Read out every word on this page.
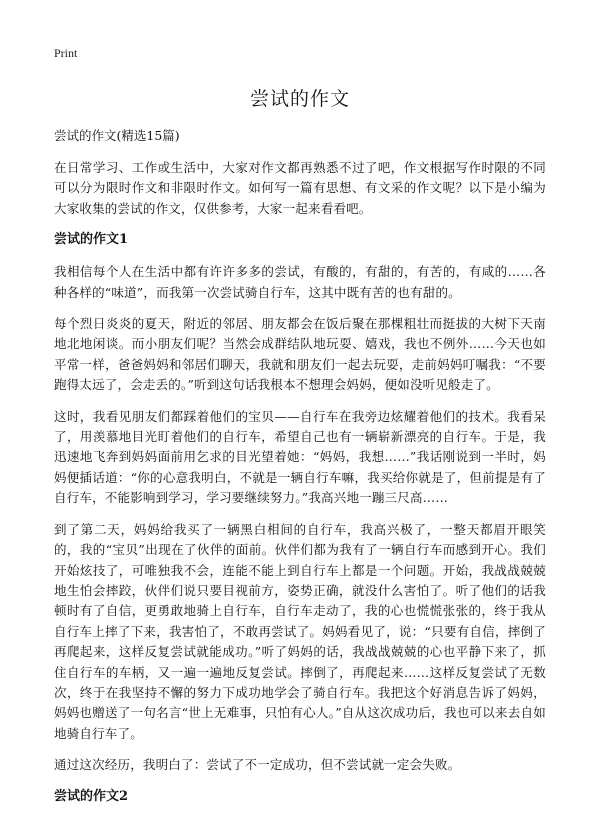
Print
尝试的作文
尝试的作文(精选15篇)

在日常学习、工作或生活中，大家对作文都再熟悉不过了吧，作文根据写作时限的不同可以分为限时作文和非限时作文。如何写一篇有思想、有文采的作文呢？以下是小编为大家收集的尝试的作文，仅供参考，大家一起来看看吧。

尝试的作文1

我相信每个人在生活中都有许许多多的尝试，有酸的，有甜的，有苦的，有咸的……各种各样的“味道”，而我第一次尝试骑自行车，这其中既有苦的也有甜的。

每个烈日炎炎的夏天，附近的邻居、朋友都会在饭后聚在那棵粗壮而挺拔的大树下天南地北地闲谈。而小朋友们呢？当然会成群结队地玩耍、嬉戏，我也不例外……今天也如平常一样，爸爸妈妈和邻居们聊天，我就和朋友们一起去玩耍，走前妈妈叮嘱我：“不要跑得太远了，会走丢的。”听到这句话我根本不想理会妈妈，便如没听见般走了。

这时，我看见朋友们都踩着他们的宝贝——自行车在我旁边炫耀着他们的技术。我看呆了，用羡慕地目光盯着他们的自行车，希望自己也有一辆崭新漂亮的自行车。于是，我迅速地飞奔到妈妈面前用乞求的目光望着她：“妈妈，我想……”我话刚说到一半时，妈妈便插话道：“你的心意我明白，不就是一辆自行车嘛，我买给你就是了，但前提是有了自行车，不能影响到学习，学习要继续努力。”我高兴地一蹦三尺高……

到了第二天，妈妈给我买了一辆黑白相间的自行车，我高兴极了，一整天都眉开眼笑的，我的“宝贝”出现在了伙伴的面前。伙伴们都为我有了一辆自行车而感到开心。我们开始炫技了，可唯独我不会，连能不能上到自行车上都是一个问题。开始，我战战兢兢地生怕会摔跤，伙伴们说只要目视前方，姿势正确，就没什么害怕了。听了他们的话我顿时有了自信，更勇敢地骑上自行车，自行车走动了，我的心也慌慌张张的，终于我从自行车上摔了下来，我害怕了，不敢再尝试了。妈妈看见了，说：“只要有自信，摔倒了再爬起来，这样反复尝试就能成功。”听了妈妈的话，我战战兢兢的心也平静下来了，抓住自行车的车柄，又一遍一遍地反复尝试。摔倒了，再爬起来……这样反复尝试了无数次，终于在我坚持不懈的努力下成功地学会了骑自行车。我把这个好消息告诉了妈妈，妈妈也赠送了一句名言“世上无难事，只怕有心人。”自从这次成功后，我也可以来去自如地骑自行车了。

通过这次经历，我明白了：尝试了不一定成功，但不尝试就一定会失败。

尝试的作文2
